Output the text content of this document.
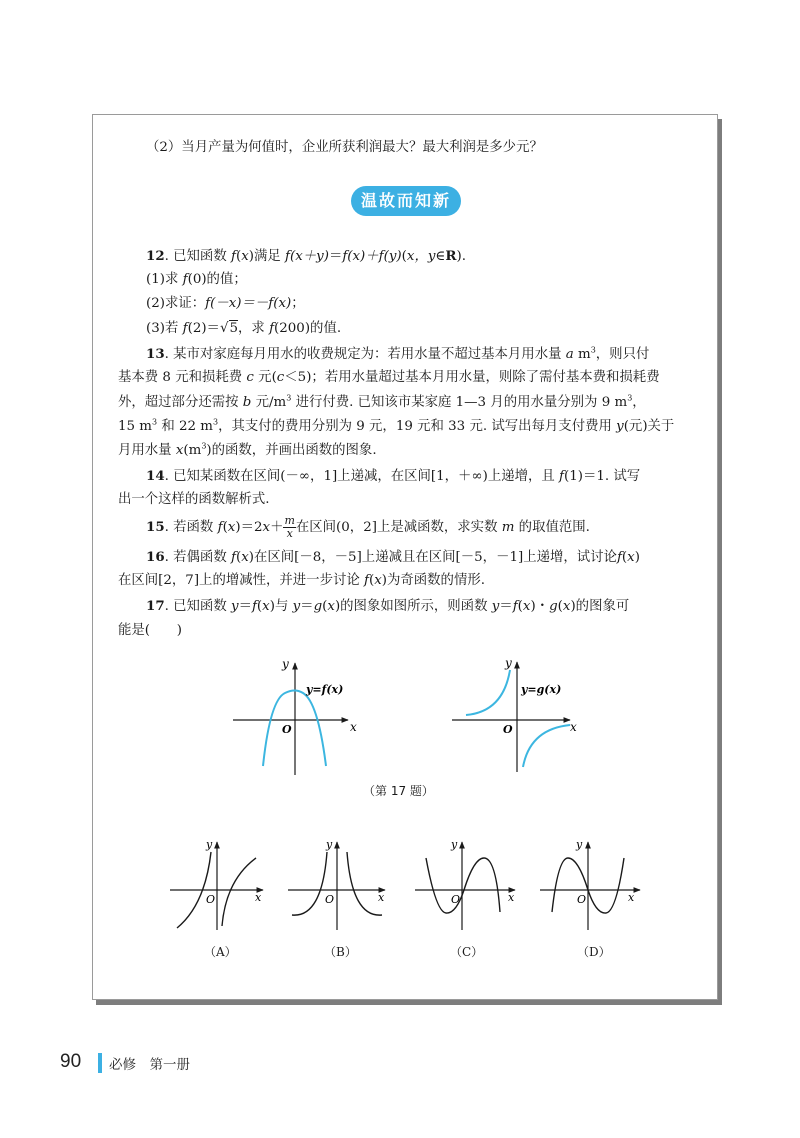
（2）当月产量为何值时，企业所获利润最大？最大利润是多少元？
温故而知新
12. 已知函数 f(x)满足 f(x＋y)＝f(x)＋f(y)(x，y∈R).
(1)求 f(0)的值；
(2)求证：f(－x)＝－f(x)；
(3)若 f(2)＝√5，求 f(200)的值.
13. 某市对家庭每月用水的收费规定为：若用水量不超过基本月用水量 a $m^3$，则只付
基本费 8 元和损耗费 c 元(c＜5)；若用水量超过基本月用水量，则除了需付基本费和损耗费
外，超过部分还需按 b 元$/m^3$ 进行付费. 已知该市某家庭 1—3 月的用水量分别为 9 $m^3$，
15 $m^3$ 和 22 $m^3$，其支付的费用分别为 9 元，19 元和 33 元. 试写出每月支付费用 y(元)关于
月用水量 $x(m^3)$的函数，并画出函数的图象.
14. 已知某函数在区间(－∞，1]上递减，在区间[1，＋∞)上递增，且 f(1)＝1. 试写
出一个这样的函数解析式.
15. 若函数 $f(x)=2x+ \frac{m}{x}$ 在区间(0，2]上是减函数，求实数 m 的取值范围.
16. 若偶函数 f(x)在区间[－8，－5]上递减且在区间[－5，－1]上递增，试讨论f(x)
在区间[2，7]上的增减性，并进一步讨论 f(x)为奇函数的情形.
17. 已知函数 y＝f(x)与 y＝g(x)的图象如图所示，则函数 y＝f(x)・g(x)的图象可
能是(　　)
O	x
y
y=f(x)
O	x
y
y=g(x)
O	x
y
O	x
y
O	x
y
O	x
y
（第 17 题）
（A）	（B）	（C）	（D）
90 必修　第一册
